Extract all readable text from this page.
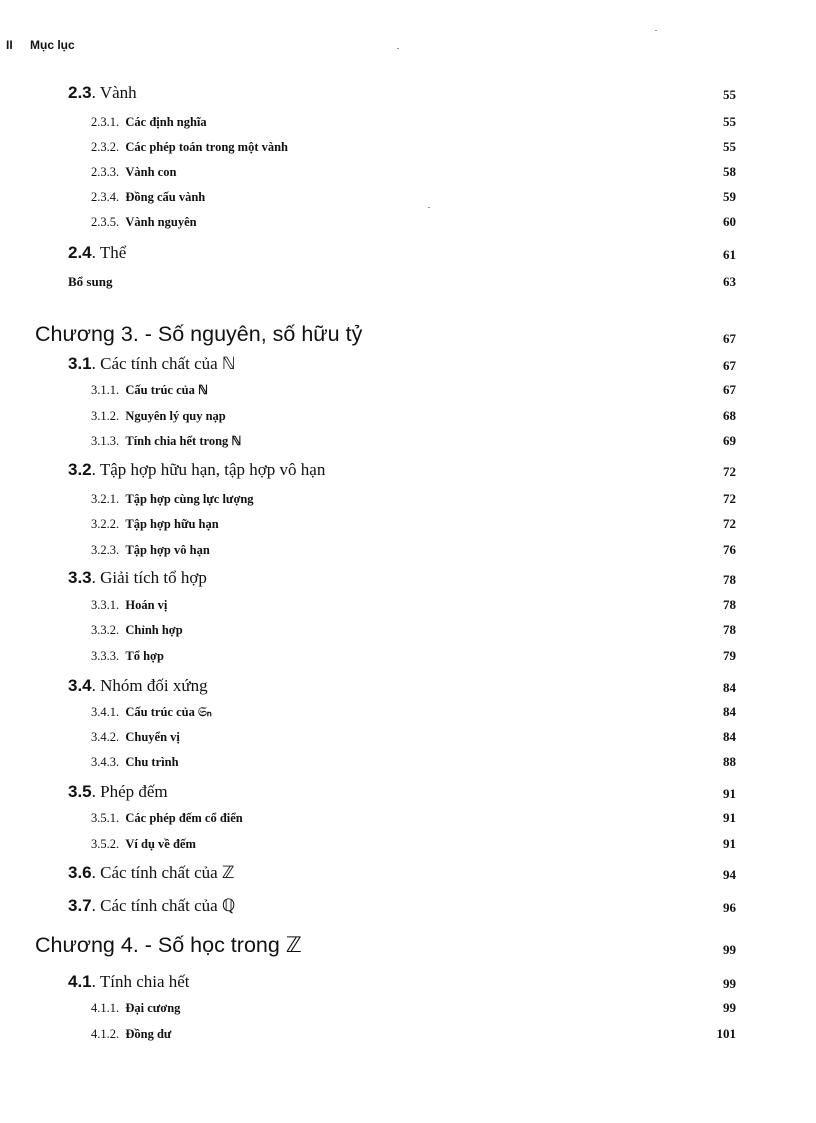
II Mục lục
2.3. Vành	55
2.3.1. Các định nghĩa	55
2.3.2. Các phép toán trong một vành	55
2.3.3. Vành con	58
2.3.4. Đồng cấu vành	59
2.3.5. Vành nguyên	60
2.4. Thể	61
Bổ sung	63
Chương 3. - Số nguyên, số hữu tỷ	67
3.1. Các tính chất của ℕ	67
3.1.1. Cấu trúc của ℕ	67
3.1.2. Nguyên lý quy nạp	68
3.1.3. Tính chia hết trong ℕ	69
3.2. Tập hợp hữu hạn, tập hợp vô hạn	72
3.2.1. Tập hợp cùng lực lượng	72
3.2.2. Tập hợp hữu hạn	72
3.2.3. Tập hợp vô hạn	76
3.3. Giải tích tổ hợp	78
3.3.1. Hoán vị	78
3.3.2. Chỉnh hợp	78
3.3.3. Tổ hợp	79
3.4. Nhóm đối xứng	84
3.4.1. Cấu trúc của 𝔖ₙ	84
3.4.2. Chuyển vị	84
3.4.3. Chu trình	88
3.5. Phép đếm	91
3.5.1. Các phép đếm cổ điển	91
3.5.2. Ví dụ về đếm	91
3.6. Các tính chất của ℤ	94
3.7. Các tính chất của ℚ	96
Chương 4. - Số học trong ℤ	99
4.1. Tính chia hết	99
4.1.1. Đại cương	99
4.1.2. Đồng dư	101
